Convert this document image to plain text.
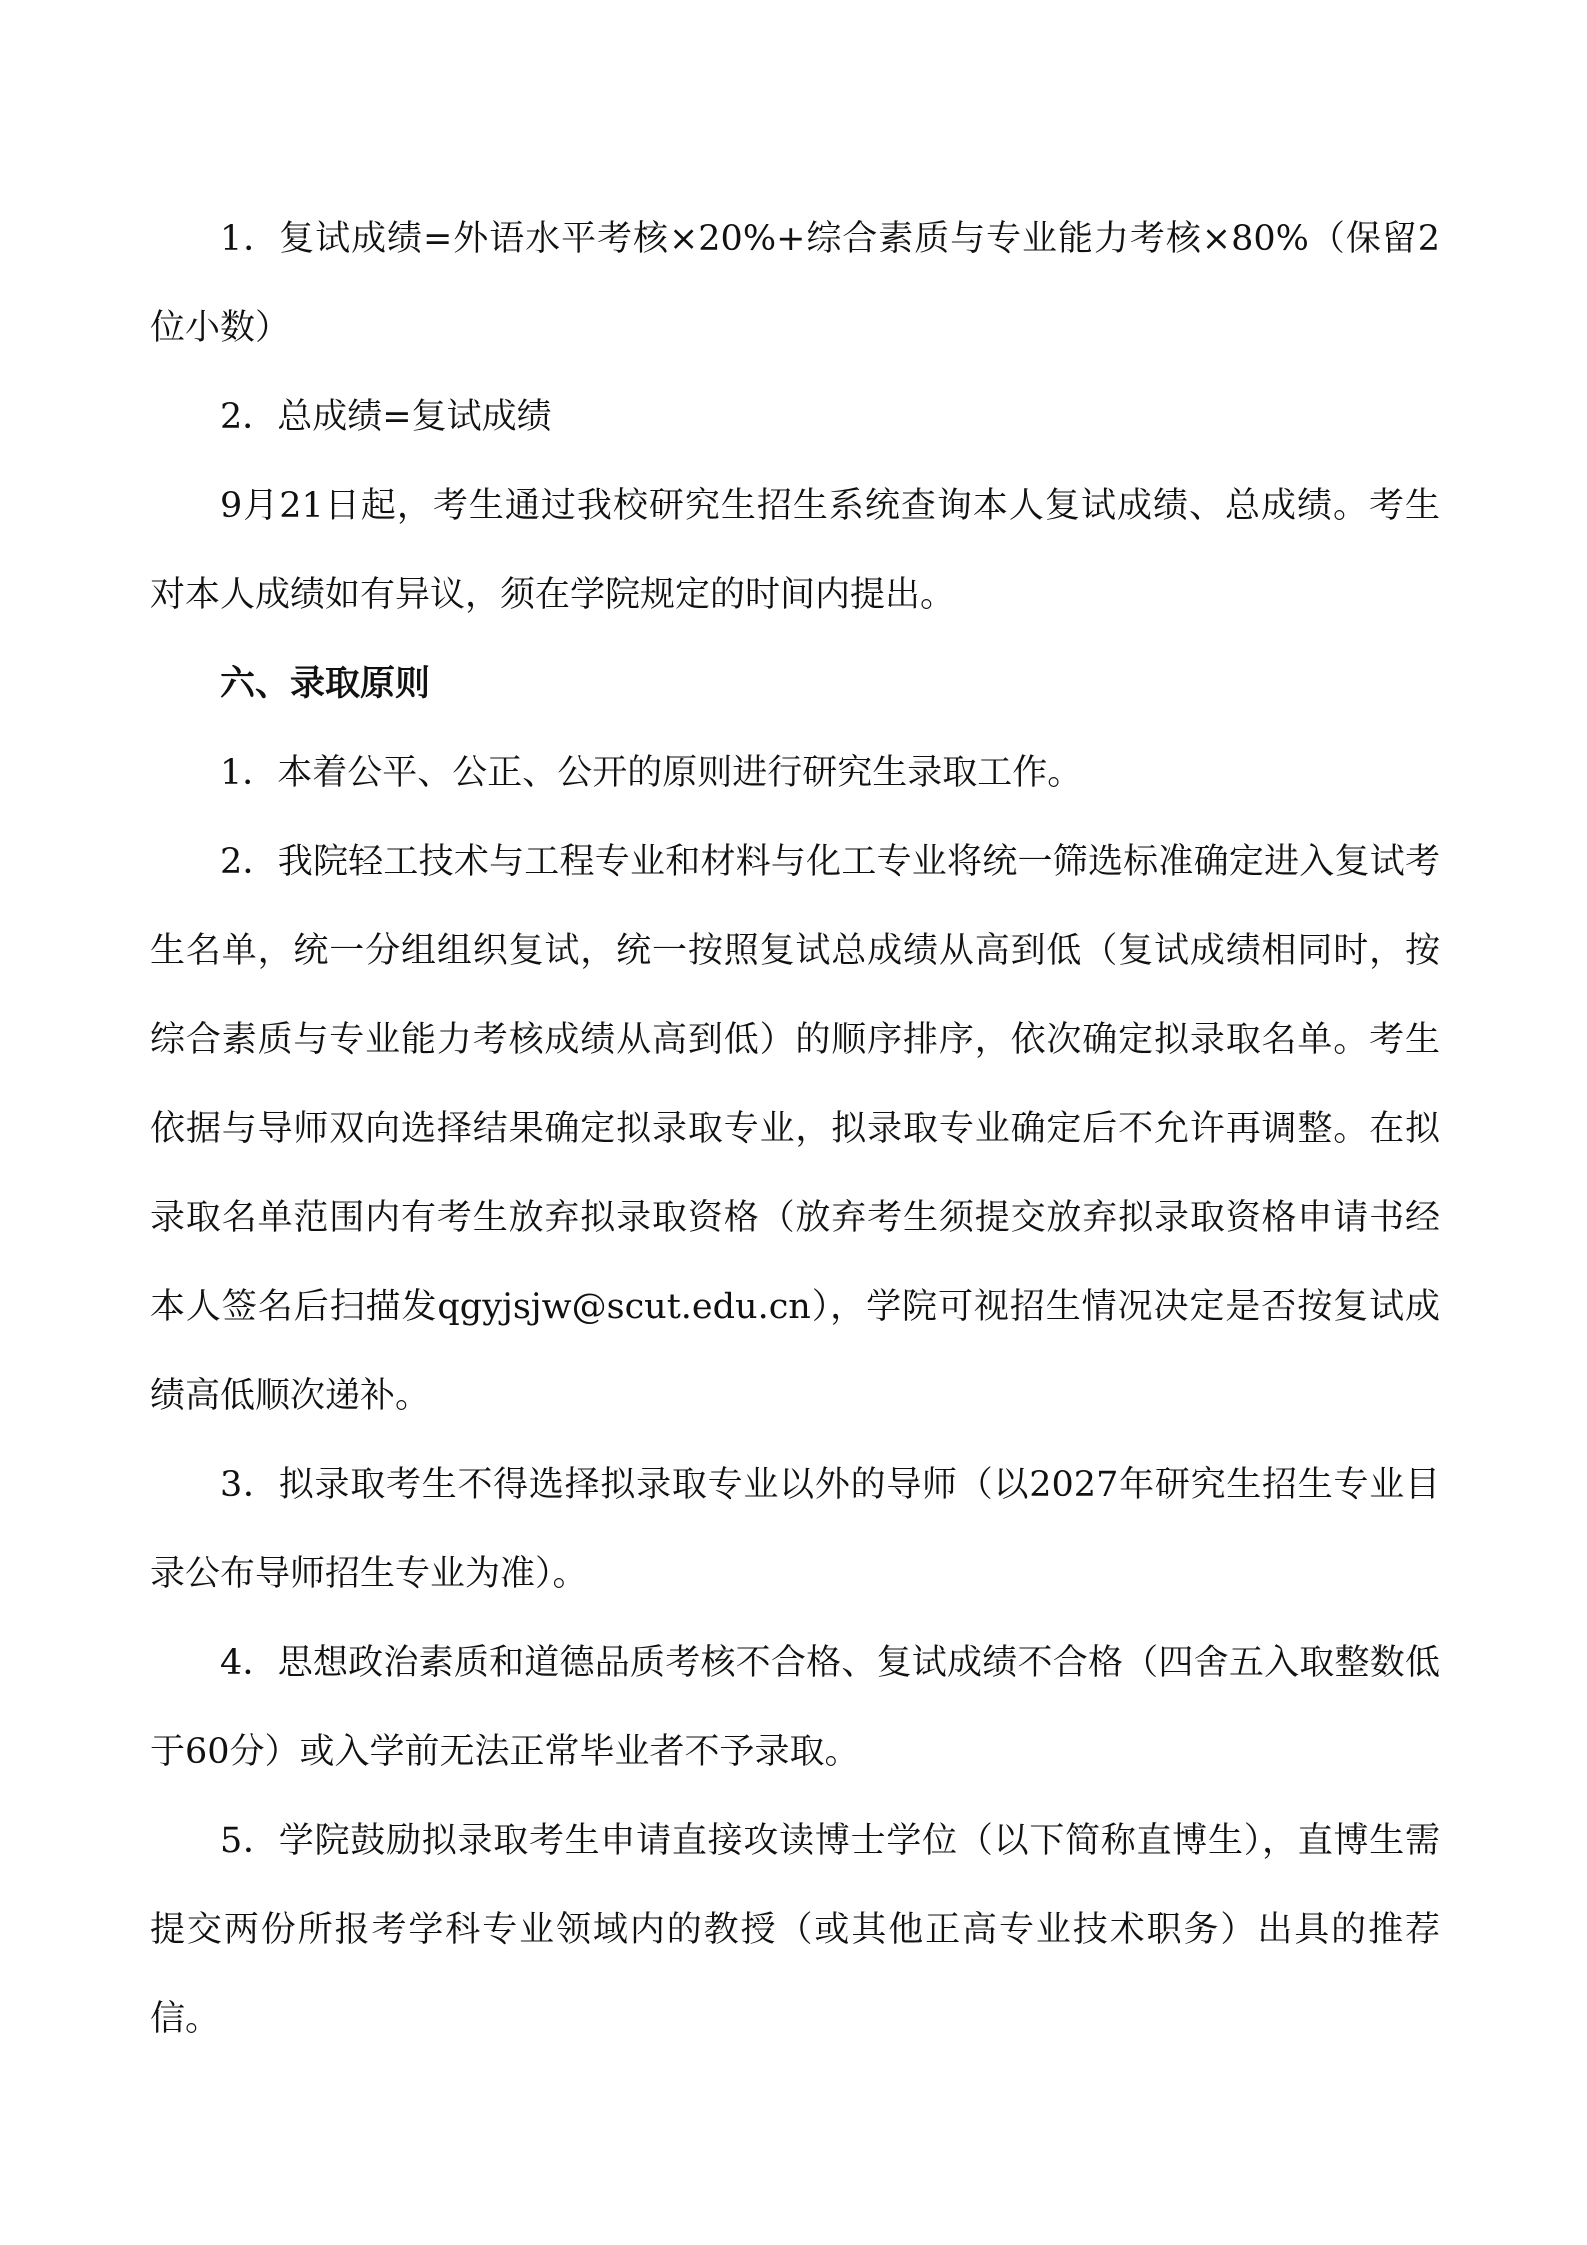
1．复试成绩=外语水平考核×20%+综合素质与专业能力考核×80%（保留2位小数）

2．总成绩=复试成绩

9月21日起，考生通过我校研究生招生系统查询本人复试成绩、总成绩。考生对本人成绩如有异议，须在学院规定的时间内提出。

六、录取原则

1．本着公平、公正、公开的原则进行研究生录取工作。

2．我院轻工技术与工程专业和材料与化工专业将统一筛选标准确定进入复试考生名单，统一分组组织复试，统一按照复试总成绩从高到低（复试成绩相同时，按综合素质与专业能力考核成绩从高到低）的顺序排序，依次确定拟录取名单。考生依据与导师双向选择结果确定拟录取专业，拟录取专业确定后不允许再调整。在拟录取名单范围内有考生放弃拟录取资格（放弃考生须提交放弃拟录取资格申请书经本人签名后扫描发qgyjsjw@scut.edu.cn），学院可视招生情况决定是否按复试成绩高低顺次递补。

3．拟录取考生不得选择拟录取专业以外的导师（以2027年研究生招生专业目录公布导师招生专业为准）。

4．思想政治素质和道德品质考核不合格、复试成绩不合格（四舍五入取整数低于60分）或入学前无法正常毕业者不予录取。

5．学院鼓励拟录取考生申请直接攻读博士学位（以下简称直博生），直博生需提交两份所报考学科专业领域内的教授（或其他正高专业技术职务）出具的推荐信。
